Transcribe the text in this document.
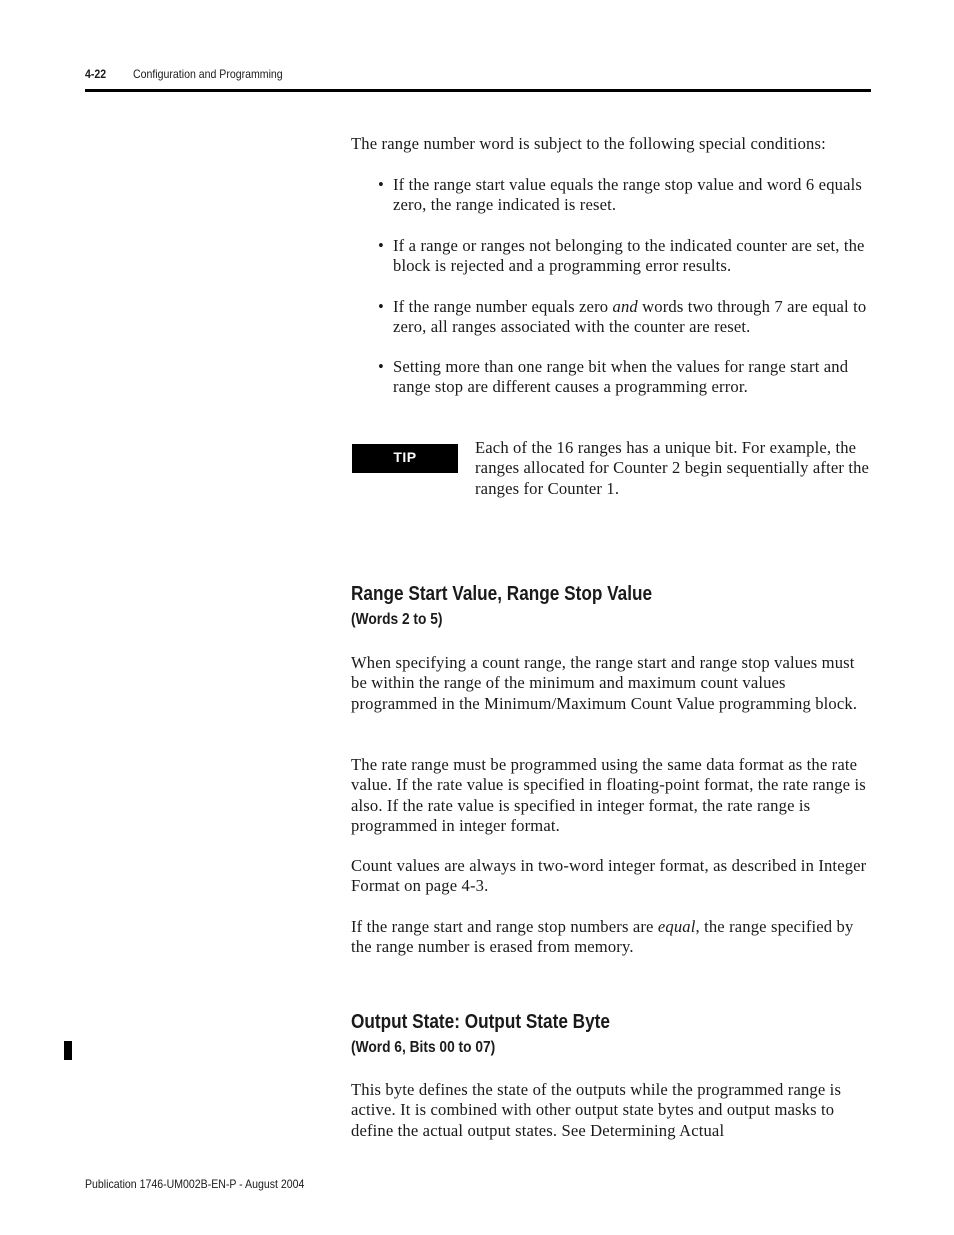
4-22 Configuration and Programming
The range number word is subject to the following special conditions:
• If the range start value equals the range stop value and word 6 equals zero, the range indicated is reset.
• If a range or ranges not belonging to the indicated counter are set, the block is rejected and a programming error results.
• If the range number equals zero and words two through 7 are equal to zero, all ranges associated with the counter are reset.
• Setting more than one range bit when the values for range start and range stop are different causes a programming error.
TIP	Each of the 16 ranges has a unique bit. For example, the ranges allocated for Counter 2 begin sequentially after the ranges for Counter 1.
Range Start Value, Range Stop Value
(Words 2 to 5)
When specifying a count range, the range start and range stop values must be within the range of the minimum and maximum count values programmed in the Minimum/Maximum Count Value programming block.
The rate range must be programmed using the same data format as the rate value. If the rate value is specified in floating-point format, the rate range is also. If the rate value is specified in integer format, the rate range is programmed in integer format.
Count values are always in two-word integer format, as described in Integer Format on page 4-3.
If the range start and range stop numbers are equal, the range specified by the range number is erased from memory.
Output State: Output State Byte
(Word 6, Bits 00 to 07)
This byte defines the state of the outputs while the programmed range is active. It is combined with other output state bytes and output masks to define the actual output states. See Determining Actual
Publication 1746-UM002B-EN-P - August 2004
